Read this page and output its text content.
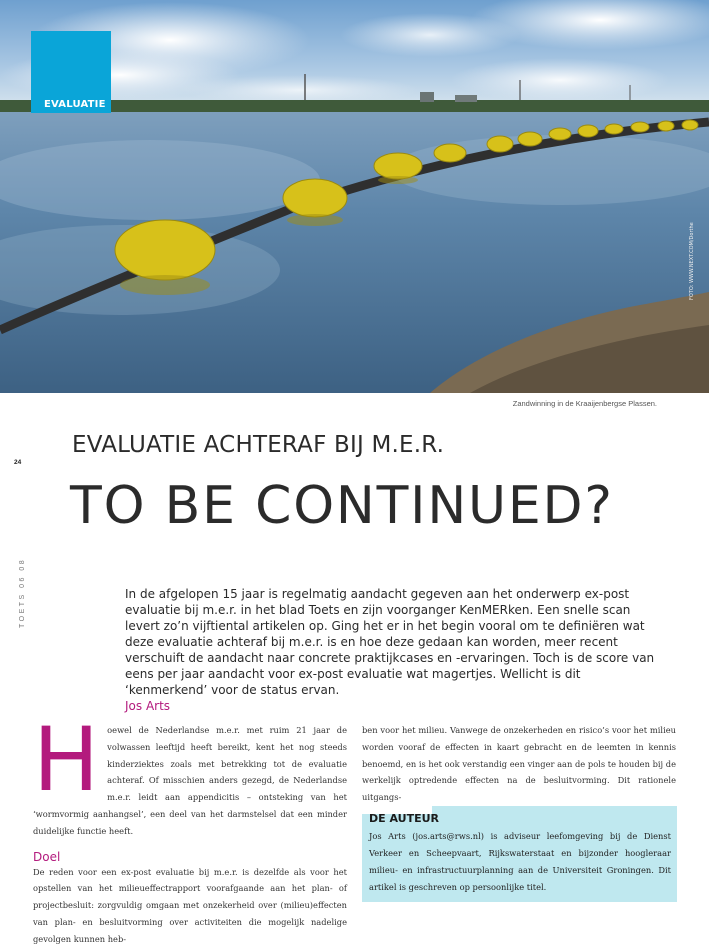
EVALUATIE
FOTO: WWW.NEXT.COM/Dorthe
Zandwinning in de Kraaijenbergse Plassen.
24
TOETS 06 08
EVALUATIE ACHTERAF BIJ M.E.R.
TO BE CONTINUED?
In de afgelopen 15 jaar is regelmatig aandacht gegeven aan het onderwerp ex-post evaluatie bij m.e.r. in het blad Toets en zijn voorganger KenMERken. Een snelle scan levert zo’n vijftiental artikelen op. Ging het er in het begin vooral om te definiëren wat deze evaluatie achteraf bij m.e.r. is en hoe deze gedaan kan worden, meer recent verschuift de aandacht naar concrete praktijkcases en -ervaringen. Toch is de score van eens per jaar aandacht voor ex-post evaluatie wat magertjes. Wellicht is dit ‘kenmerkend’ voor de status ervan.
Jos Arts
H oewel de Nederlandse m.e.r. met ruim 21 jaar de volwassen leeftijd heeft bereikt, kent het nog steeds kinderziektes zoals met betrekking tot de evaluatie achteraf. Of misschien anders gezegd, de Nederlandse m.e.r. leidt aan appendicitis – ontsteking van het ‘wormvormig aanhangsel’, een deel van het darmstelsel dat een minder duidelijke functie heeft.
Doel
De reden voor een ex-post evaluatie bij m.e.r. is dezelfde als voor het opstellen van het milieueffectrapport voorafgaande aan het plan- of projectbesluit: zorgvuldig omgaan met onzekerheid over (milieu)effecten van plan- en besluitvorming over activiteiten die mogelijk nadelige gevolgen kunnen heb-
ben voor het milieu. Vanwege de onzekerheden en risico’s voor het milieu worden vooraf de effecten in kaart gebracht en de leemten in kennis benoemd, en is het ook verstandig een vinger aan de pols te houden bij de werkelijk optredende effecten na de besluitvorming. Dit rationele uitgangs-
DE AUTEUR

Jos Arts (jos.arts@rws.nl) is adviseur leefomgeving bij de Dienst Verkeer en Scheepvaart, Rijkswaterstaat en bijzonder hoogleraar milieu- en infrastructuurplanning aan de Universiteit Groningen. Dit artikel is geschreven op persoonlijke titel.
